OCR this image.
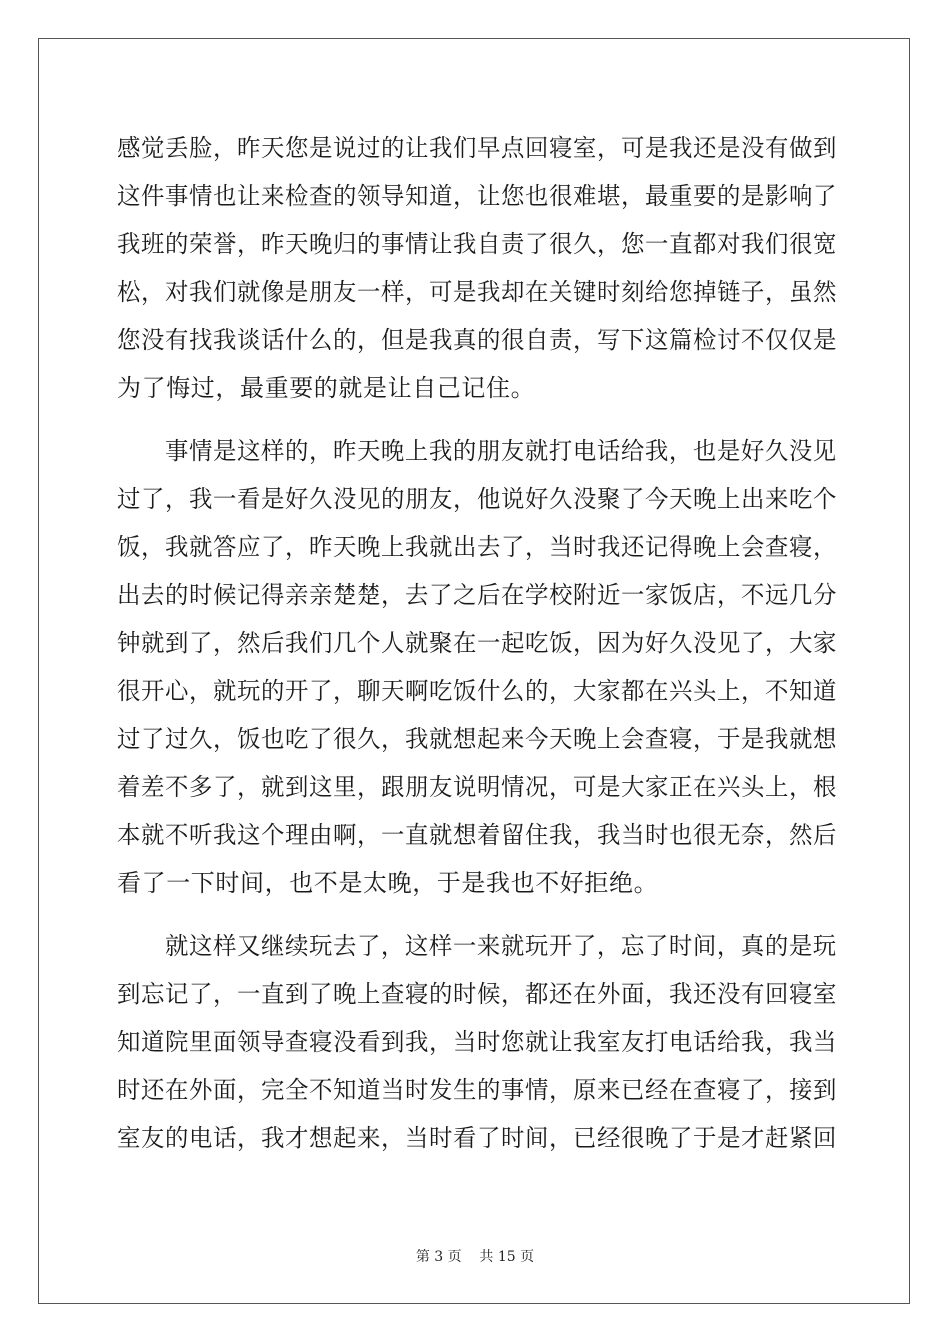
感觉丢脸，昨天您是说过的让我们早点回寝室，可是我还是没有做到
这件事情也让来检查的领导知道，让您也很难堪，最重要的是影响了
我班的荣誉，昨天晚归的事情让我自责了很久，您一直都对我们很宽
松，对我们就像是朋友一样，可是我却在关键时刻给您掉链子，虽然
您没有找我谈话什么的，但是我真的很自责，写下这篇检讨不仅仅是
为了悔过，最重要的就是让自己记住。
事情是这样的，昨天晚上我的朋友就打电话给我，也是好久没见
过了，我一看是好久没见的朋友，他说好久没聚了今天晚上出来吃个
饭，我就答应了，昨天晚上我就出去了，当时我还记得晚上会查寝，
出去的时候记得亲亲楚楚，去了之后在学校附近一家饭店，不远几分
钟就到了，然后我们几个人就聚在一起吃饭，因为好久没见了，大家
很开心，就玩的开了，聊天啊吃饭什么的，大家都在兴头上，不知道
过了过久，饭也吃了很久，我就想起来今天晚上会查寝，于是我就想
着差不多了，就到这里，跟朋友说明情况，可是大家正在兴头上，根
本就不听我这个理由啊，一直就想着留住我，我当时也很无奈，然后
看了一下时间，也不是太晚，于是我也不好拒绝。
就这样又继续玩去了，这样一来就玩开了，忘了时间，真的是玩
到忘记了，一直到了晚上查寝的时候，都还在外面，我还没有回寝室
知道院里面领导查寝没看到我，当时您就让我室友打电话给我，我当
时还在外面，完全不知道当时发生的事情，原来已经在查寝了，接到
室友的电话，我才想起来，当时看了时间，已经很晚了于是才赶紧回
第 3 页    共 15 页
